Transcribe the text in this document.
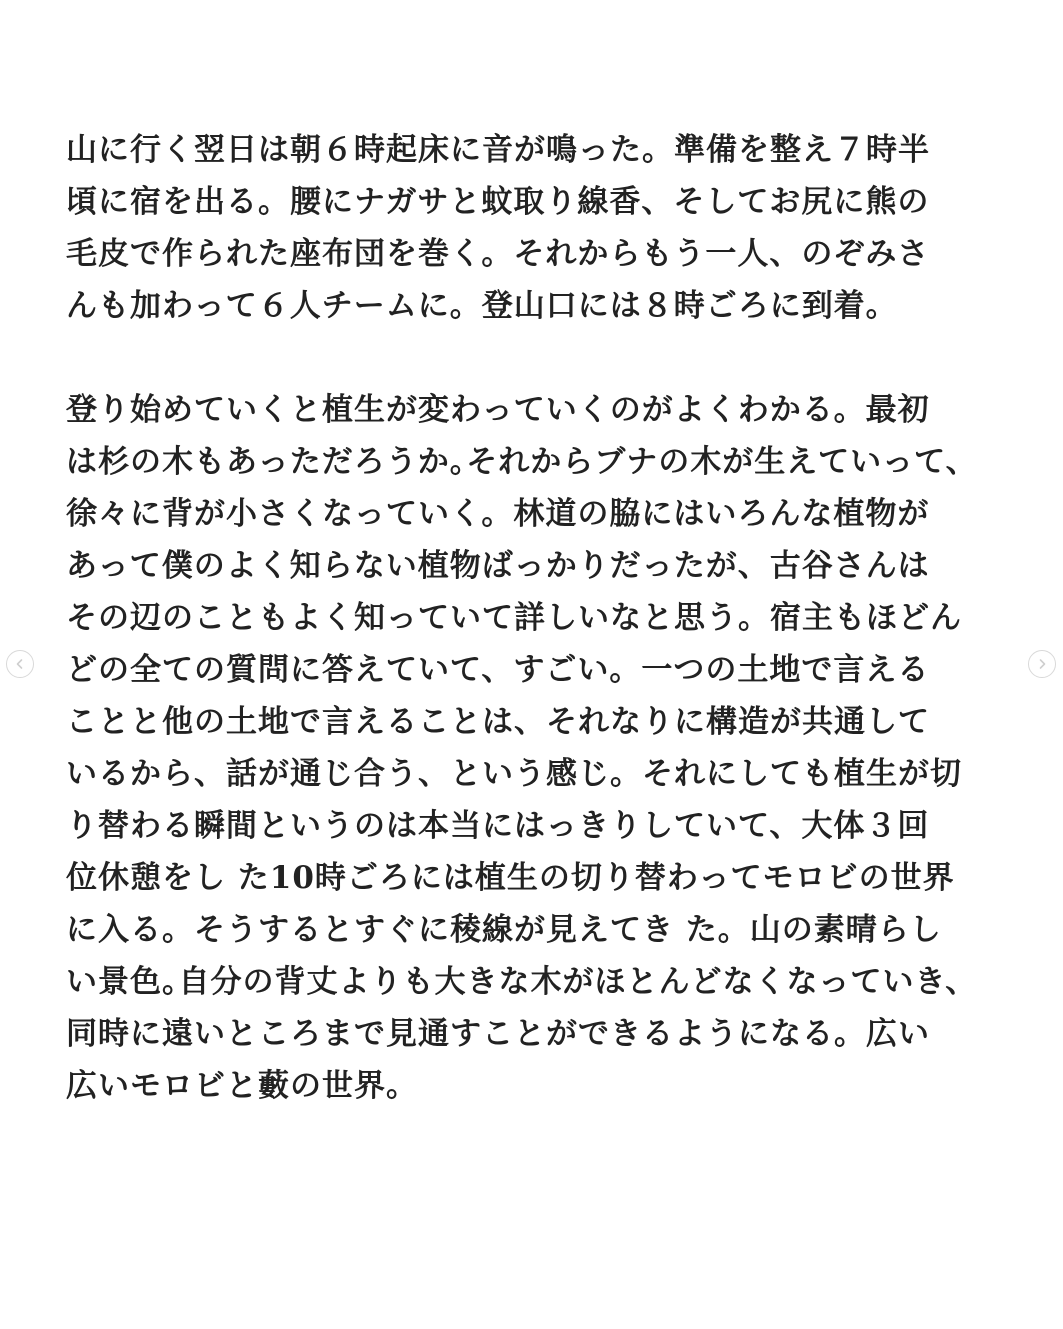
山に行く翌日は朝６時起床に音が鳴った。準備を整え７時半
頃に宿を出る。腰にナガサと蚊取り線香、そしてお尻に熊の
毛皮で作られた座布団を巻く。それからもう一人、のぞみさ
んも加わって６人チームに。登山口には８時ごろに到着。

登り始めていくと植生が変わっていくのがよくわかる。最初
は杉の木もあっただろうか｡それからブナの木が生えていって、
徐々に背が小さくなっていく。林道の脇にはいろんな植物が
あって僕のよく知らない植物ばっかりだったが、古谷さんは
その辺のこともよく知っていて詳しいなと思う。宿主もほどん
どの全ての質問に答えていて、すごい。一つの土地で言える
ことと他の土地で言えることは、それなりに構造が共通して
いるから、話が通じ合う、という感じ。それにしても植生が切
り替わる瞬間というのは本当にはっきりしていて、大体３回
位休憩をし た10時ごろには植生の切り替わってモロビの世界
に入る。そうするとすぐに稜線が見えてき た。山の素晴らし
い景色｡自分の背丈よりも大きな木がほとんどなくなっていき、
同時に遠いところまで見通すことができるようになる。広い
広いモロビと藪の世界。
